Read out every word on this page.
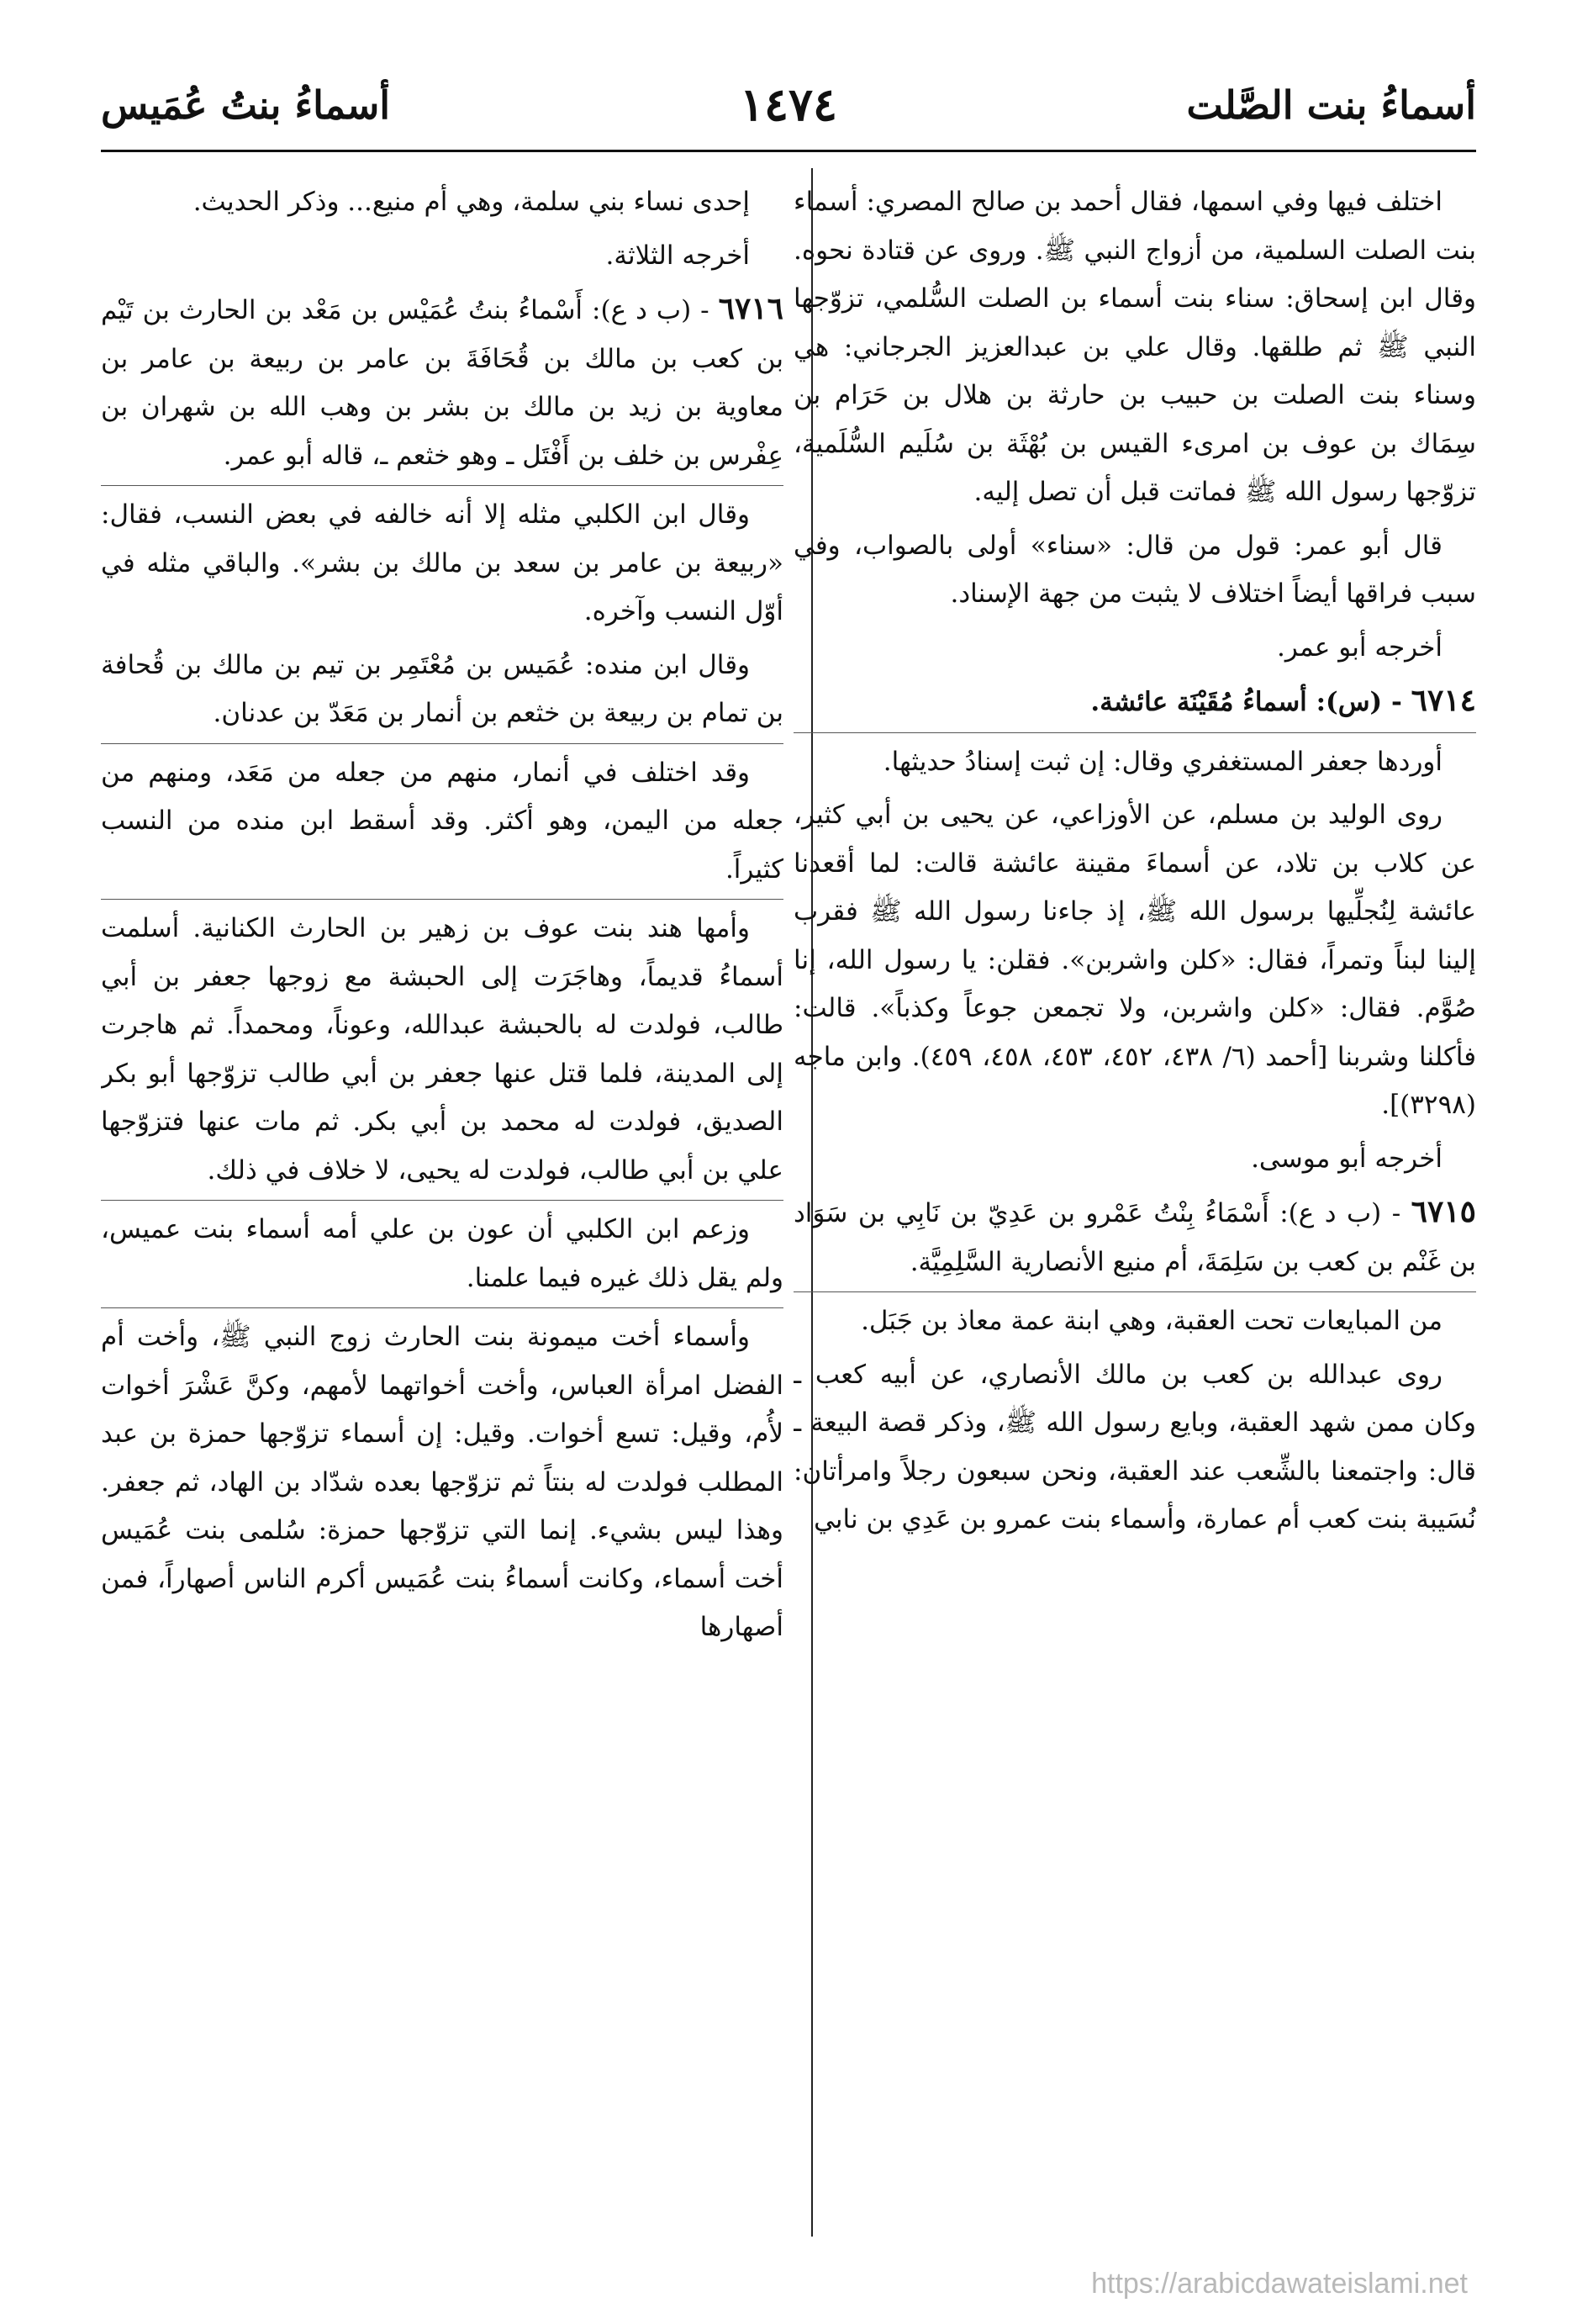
أسماءُ بنت الصَّلت
١٤٧٤
أسماءُ بنتُ عُمَيس

اختلف فيها وفي اسمها، فقال أحمد بن صالح المصري: أسماء بنت الصلت السلمية، من أزواج النبي ﷺ. وروى عن قتادة نحوه. وقال ابن إسحاق: سناء بنت أسماء بن الصلت السُّلمي، تزوّجها النبي ﷺ ثم طلقها. وقال علي بن عبدالعزيز الجرجاني: هي وسناء بنت الصلت بن حبيب بن حارثة بن هلال بن حَرَام بن سِمَاك بن عوف بن امرىء القيس بن بُهْثَة بن سُلَيم السُّلَمية، تزوّجها رسول الله ﷺ فماتت قبل أن تصل إليه.

قال أبو عمر: قول من قال: «سناء» أولى بالصواب، وفي سبب فراقها أيضاً اختلاف لا يثبت من جهة الإسناد.

أخرجه أبو عمر.

٦٧١٤ - (س): أسماءُ مُقَيْنَة عائشة.

أوردها جعفر المستغفري وقال: إن ثبت إسنادُ حديثها.

روى الوليد بن مسلم، عن الأوزاعي، عن يحيى بن أبي كثير، عن كلاب بن تلاد، عن أسماءَ مقينة عائشة قالت: لما أقعدنا عائشة لِنُجلِّيها برسول الله ﷺ، إذ جاءنا رسول الله ﷺ فقرب إلينا لبناً وتمراً، فقال: «كلن واشربن». فقلن: يا رسول الله، إنا صُوَّم. فقال: «كلن واشربن، ولا تجمعن جوعاً وكذباً». قالت: فأكلنا وشربنا [أحمد (٦/ ٤٣٨، ٤٥٢، ٤٥٣، ٤٥٨، ٤٥٩). وابن ماجه (٣٢٩٨)].

أخرجه أبو موسى.

٦٧١٥ - (ب د ع): أَسْمَاءُ بِنْتُ عَمْرو بن عَدِيّ بن نَابِي بن سَوَاد بن غَنْم بن كعب بن سَلِمَةَ، أم منيع الأنصارية السَّلِمِيَّة.

من المبايعات تحت العقبة، وهي ابنة عمة معاذ بن جَبَل.

روى عبدالله بن كعب بن مالك الأنصاري، عن أبيه كعب ـ وكان ممن شهد العقبة، وبايع رسول الله ﷺ، وذكر قصة البيعة ـ قال: واجتمعنا بالشِّعب عند العقبة، ونحن سبعون رجلاً وامرأتان: نُسَيبة بنت كعب أم عمارة، وأسماء بنت عمرو بن عَدِي بن نابي

إحدى نساء بني سلمة، وهي أم منيع... وذكر الحديث.

أخرجه الثلاثة.

٦٧١٦ - (ب د ع): أَسْماءُ بنتُ عُمَيْس بن مَعْد بن الحارث بن تَيْم بن كعب بن مالك بن قُحَافَةَ بن عامر بن ربيعة بن عامر بن معاوية بن زيد بن مالك بن بشر بن وهب الله بن شهران بن عِفْرس بن خلف بن أَفْتَل ـ وهو خثعم ـ، قاله أبو عمر.

وقال ابن الكلبي مثله إلا أنه خالفه في بعض النسب، فقال: «ربيعة بن عامر بن سعد بن مالك بن بشر». والباقي مثله في أوّل النسب وآخره.

وقال ابن منده: عُمَيس بن مُعْتَمِر بن تيم بن مالك بن قُحافة بن تمام بن ربيعة بن خثعم بن أنمار بن مَعَدّ بن عدنان.

وقد اختلف في أنمار، منهم من جعله من مَعَد، ومنهم من جعله من اليمن، وهو أكثر. وقد أسقط ابن منده من النسب كثيراً.

وأمها هند بنت عوف بن زهير بن الحارث الكنانية. أسلمت أسماءُ قديماً، وهاجَرَت إلى الحبشة مع زوجها جعفر بن أبي طالب، فولدت له بالحبشة عبدالله، وعوناً، ومحمداً. ثم هاجرت إلى المدينة، فلما قتل عنها جعفر بن أبي طالب تزوّجها أبو بكر الصديق، فولدت له محمد بن أبي بكر. ثم مات عنها فتزوّجها علي بن أبي طالب، فولدت له يحيى، لا خلاف في ذلك.

وزعم ابن الكلبي أن عون بن علي أمه أسماء بنت عميس، ولم يقل ذلك غيره فيما علمنا.

وأسماء أخت ميمونة بنت الحارث زوج النبي ﷺ، وأخت أم الفضل امرأة العباس، وأخت أخواتهما لأمهم، وكنَّ عَشْرَ أخوات لأُم، وقيل: تسع أخوات. وقيل: إن أسماء تزوّجها حمزة بن عبد المطلب فولدت له بنتاً ثم تزوّجها بعده شدّاد بن الهاد، ثم جعفر. وهذا ليس بشيء. إنما التي تزوّجها حمزة: سُلمى بنت عُمَيس أخت أسماء، وكانت أسماءُ بنت عُمَيس أكرم الناس أصهاراً، فمن أصهارها

https://arabicdawateislami.net
